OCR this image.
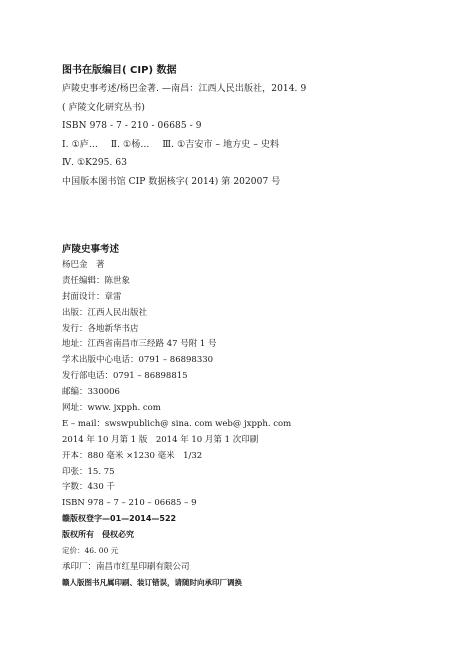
图书在版编目( CIP) 数据
庐陵史事考述/杨巴金著. —南昌：江西人民出版社，2014. 9
( 庐陵文化研究丛书)
ISBN 978 - 7 - 210 - 06685 - 9
Ⅰ. ①庐… Ⅱ. ①杨… Ⅲ. ①吉安市 – 地方史 – 史料
Ⅳ. ①K295. 63
中国版本图书馆 CIP 数据核字( 2014) 第 202007 号
庐陵史事考述
杨巴金　著
责任编辑：陈世象
封面设计：章雷
出版：江西人民出版社
发行：各地新华书店
地址：江西省南昌市三经路 47 号附 1 号
学术出版中心电话：0791 – 86898330
发行部电话：0791 – 86898815
邮编：330006
网址：www. jxpph. com
E – mail：swswpublich@ sina. com web@ jxpph. com
2014 年 10 月第 1 版　2014 年 10 月第 1 次印刷
开本：880 毫米 ×1230 毫米　1/32
印张：15. 75
字数：430 千
ISBN 978 – 7 – 210 – 06685 – 9
赣版权登字—01—2014—522
版权所有　侵权必究
定价：46. 00 元
承印厂：南昌市红星印刷有限公司
赣人版图书凡属印刷、装订错误，请随时向承印厂调换
